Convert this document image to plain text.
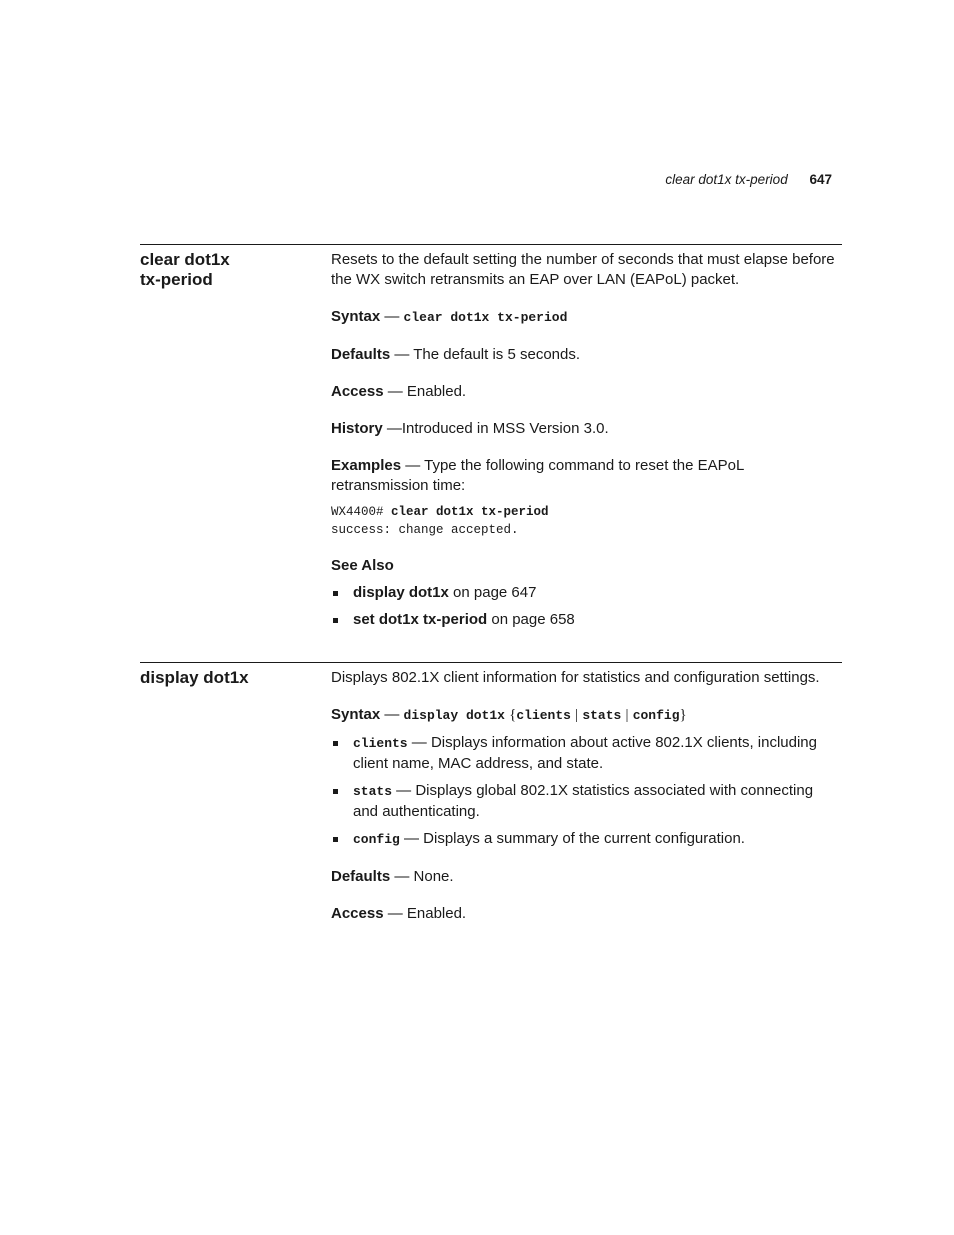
clear dot1x tx-period 647
clear dot1x
tx-period

Resets to the default setting the number of seconds that must elapse before the WX switch retransmits an EAP over LAN (EAPoL) packet.

Syntax — clear dot1x tx-period

Defaults — The default is 5 seconds.

Access — Enabled.

History —Introduced in MSS Version 3.0.

Examples — Type the following command to reset the EAPoL retransmission time:

WX4400# clear dot1x tx-period
success: change accepted.
See Also
display dot1x on page 647
set dot1x tx-period on page 658
display dot1x	Displays 802.1X client information for statistics and configuration settings.

Syntax — display dot1x {clients | stats | config}

clients — Displays information about active 802.1X clients, including client name, MAC address, and state.
stats — Displays global 802.1X statistics associated with connecting and authenticating.
config — Displays a summary of the current configuration.

Defaults — None.

Access — Enabled.
